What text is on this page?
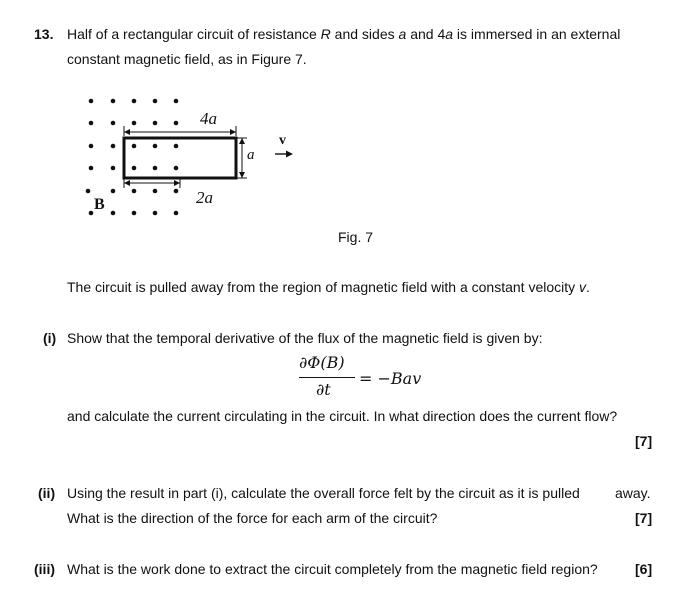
13. Half of a rectangular circuit of resistance R and sides a and 4a is immersed in an external
constant magnetic field, as in Figure 7.
4a
2a
a
v
B
Fig. 7
The circuit is pulled away from the region of magnetic field with a constant velocity v.
(i) Show that the temporal derivative of the flux of the magnetic field is given by:
∂Φ(B)
∂t
= −Bav
and calculate the current circulating in the circuit. In what direction does the current flow?
[7]
(ii) Using the result in part (i), calculate the overall force felt by the circuit as it is pulled	away.
What is the direction of the force for each arm of the circuit?	[7]
(iii) What is the work done to extract the circuit completely from the magnetic field region?	[6]
